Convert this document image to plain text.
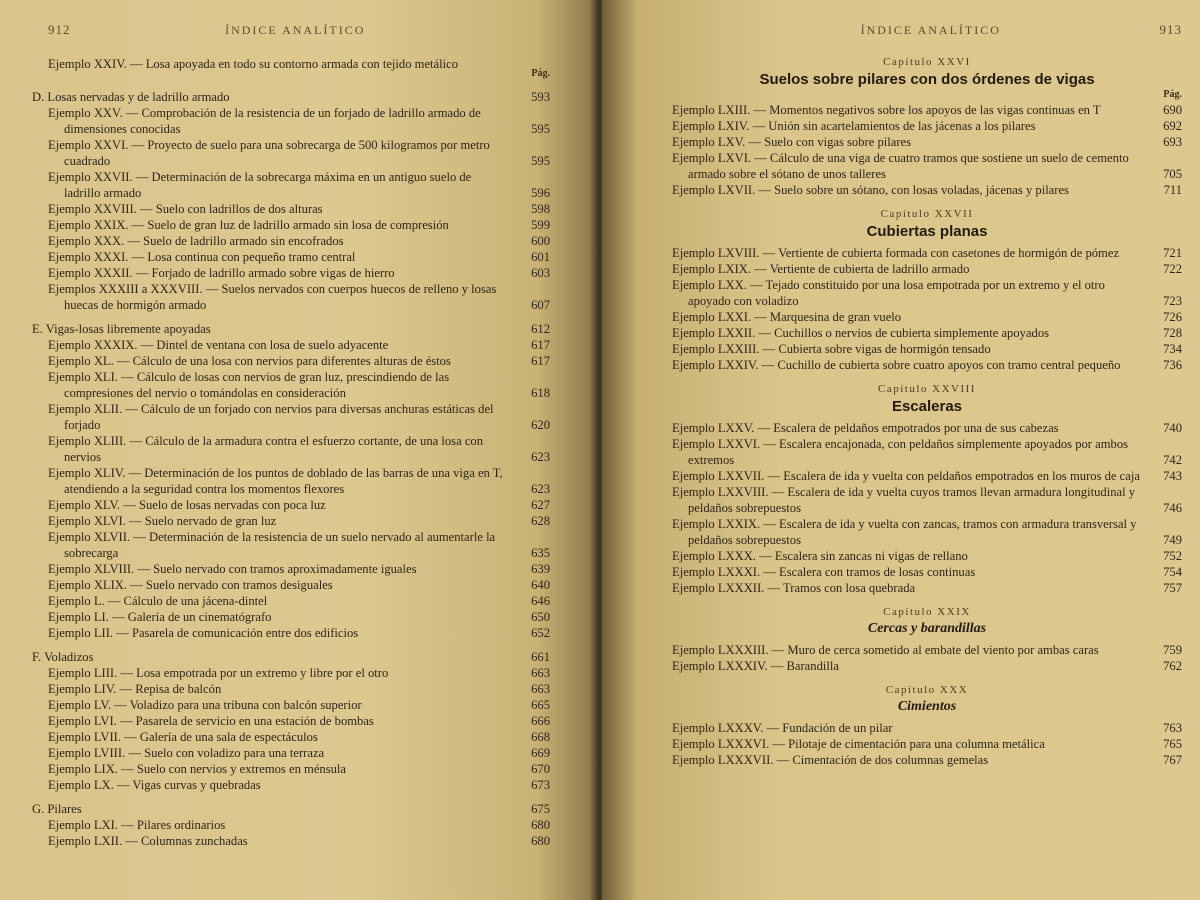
912	ÍNDICE ANALÍTICO
Ejemplo XXIV. — Losa apoyada en todo su contorno armada con tejido metálico
Pág.
D. Losas nervadas y de ladrillo armado	593
Ejemplo XXV. — Comprobación de la resistencia de un forjado de ladrillo armado de dimensiones conocidas	595
Ejemplo XXVI. — Proyecto de suelo para una sobrecarga de 500 kilogramos por metro cuadrado	595
Ejemplo XXVII. — Determinación de la sobrecarga máxima en un antiguo suelo de ladrillo armado	596
Ejemplo XXVIII. — Suelo con ladrillos de dos alturas	598
Ejemplo XXIX. — Suelo de gran luz de ladrillo armado sin losa de compresión	599
Ejemplo XXX. — Suelo de ladrillo armado sin encofrados	600
Ejemplo XXXI. — Losa continua con pequeño tramo central	601
Ejemplo XXXII. — Forjado de ladrillo armado sobre vigas de hierro	603
Ejemplos XXXIII a XXXVIII. — Suelos nervados con cuerpos huecos de relleno y losas huecas de hormigón armado	607
E. Vigas-losas libremente apoyadas	612
Ejemplo XXXIX. — Dintel de ventana con losa de suelo adyacente	617
Ejemplo XL. — Cálculo de una losa con nervios para diferentes alturas de éstos	617
Ejemplo XLI. — Cálculo de losas con nervios de gran luz, prescindiendo de las compresiones del nervio o tomándolas en consideración	618
Ejemplo XLII. — Cálculo de un forjado con nervios para diversas anchuras estáticas del forjado	620
Ejemplo XLIII. — Cálculo de la armadura contra el esfuerzo cortante, de una losa con nervios	623
Ejemplo XLIV. — Determinación de los puntos de doblado de las barras de una viga en T, atendiendo a la seguridad contra los momentos flexores	623
Ejemplo XLV. — Suelo de losas nervadas con poca luz	627
Ejemplo XLVI. — Suelo nervado de gran luz	628
Ejemplo XLVII. — Determinación de la resistencia de un suelo nervado al aumentarle la sobrecarga	635
Ejemplo XLVIII. — Suelo nervado con tramos aproximadamente iguales	639
Ejemplo XLIX. — Suelo nervado con tramos desiguales	640
Ejemplo L. — Cálculo de una jácena-dintel	646
Ejemplo LI. — Galería de un cinematógrafo	650
Ejemplo LII. — Pasarela de comunicación entre dos edificios	652
F. Voladizos	661
Ejemplo LIII. — Losa empotrada por un extremo y libre por el otro	663
Ejemplo LIV. — Repisa de balcón	663
Ejemplo LV. — Voladizo para una tribuna con balcón superior	665
Ejemplo LVI. — Pasarela de servicio en una estación de bombas	666
Ejemplo LVII. — Galería de una sala de espectáculos	668
Ejemplo LVIII. — Suelo con voladizo para una terraza	669
Ejemplo LIX. — Suelo con nervios y extremos en ménsula	670
Ejemplo LX. — Vigas curvas y quebradas	673
G. Pilares	675
Ejemplo LXI. — Pilares ordinarios	680
Ejemplo LXII. — Columnas zunchadas	680
ÍNDICE ANALÍTICO	913
Capítulo XXVI
Suelos sobre pilares con dos órdenes de vigas
Pág.
Ejemplo LXIII. — Momentos negativos sobre los apoyos de las vigas continuas en T	690
Ejemplo LXIV. — Unión sin acartelamientos de las jácenas a los pilares	692
Ejemplo LXV. — Suelo con vigas sobre pilares	693
Ejemplo LXVI. — Cálculo de una viga de cuatro tramos que sostiene un suelo de cemento armado sobre el sótano de unos talleres	705
Ejemplo LXVII. — Suelo sobre un sótano, con losas voladas, jácenas y pilares	711
Capítulo XXVII
Cubiertas planas
Ejemplo LXVIII. — Vertiente de cubierta formada con casetones de hormigón de pómez	721
Ejemplo LXIX. — Vertiente de cubierta de ladrillo armado	722
Ejemplo LXX. — Tejado constituido por una losa empotrada por un extremo y el otro apoyado con voladizo	723
Ejemplo LXXI. — Marquesina de gran vuelo	726
Ejemplo LXXII. — Cuchillos o nervios de cubierta simplemente apoyados	728
Ejemplo LXXIII. — Cubierta sobre vigas de hormigón tensado	734
Ejemplo LXXIV. — Cuchillo de cubierta sobre cuatro apoyos con tramo central pequeño	736
Capítulo XXVIII
Escaleras
Ejemplo LXXV. — Escalera de peldaños empotrados por una de sus cabezas	740
Ejemplo LXXVI. — Escalera encajonada, con peldaños simplemente apoyados por ambos extremos	742
Ejemplo LXXVII. — Escalera de ida y vuelta con peldaños empotrados en los muros de caja	743
Ejemplo LXXVIII. — Escalera de ida y vuelta cuyos tramos llevan armadura longitudinal y peldaños sobrepuestos	746
Ejemplo LXXIX. — Escalera de ida y vuelta con zancas, tramos con armadura transversal y peldaños sobrepuestos	749
Ejemplo LXXX. — Escalera sin zancas ni vigas de rellano	752
Ejemplo LXXXI. — Escalera con tramos de losas continuas	754
Ejemplo LXXXII. — Tramos con losa quebrada	757
Capítulo XXIX
Cercas y barandillas
Ejemplo LXXXIII. — Muro de cerca sometido al embate del viento por ambas caras	759
Ejemplo LXXXIV. — Barandilla	762
Capítulo XXX
Cimientos
Ejemplo LXXXV. — Fundación de un pilar	763
Ejemplo LXXXVI. — Pilotaje de cimentación para una columna metálica	765
Ejemplo LXXXVII. — Cimentación de dos columnas gemelas	767
